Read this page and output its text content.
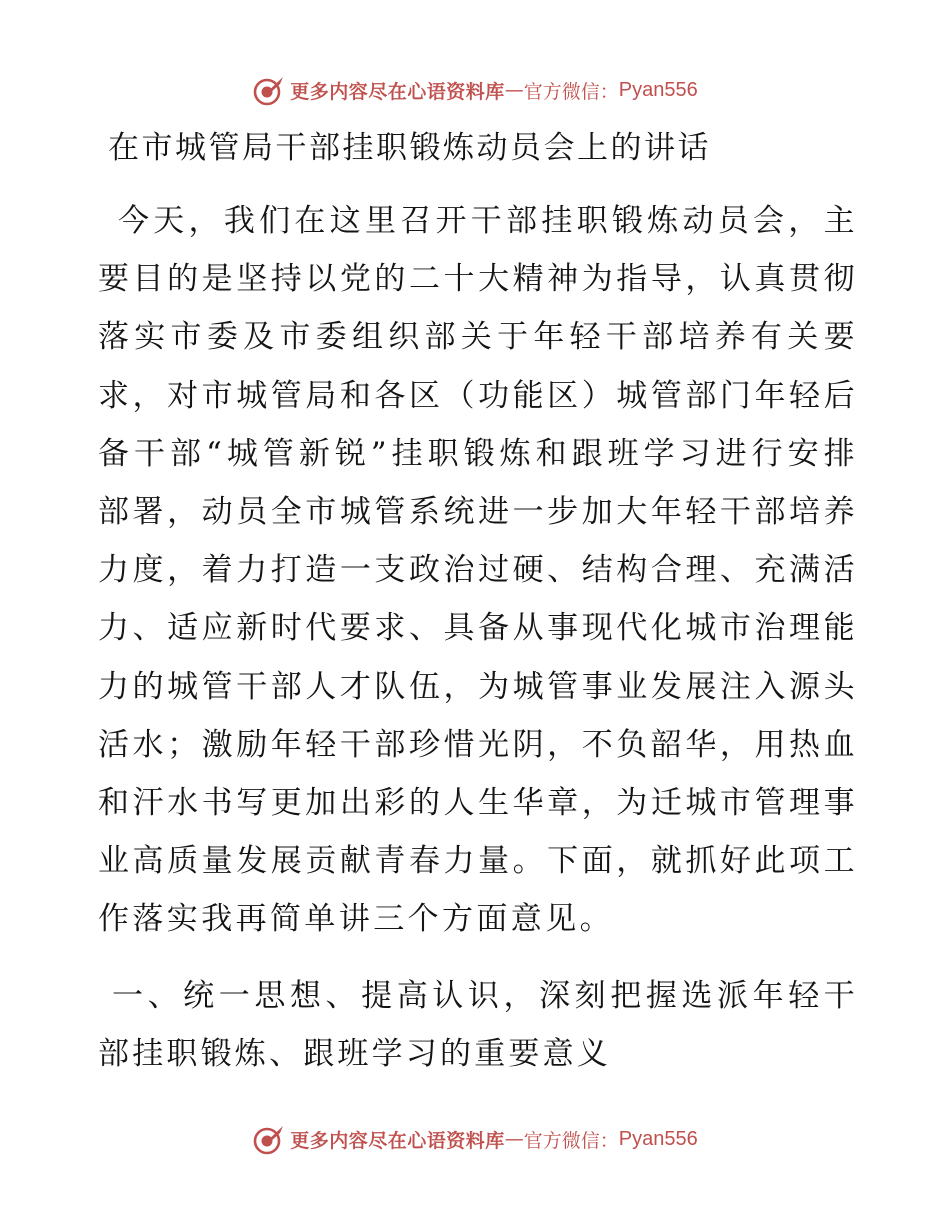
更多内容尽在心语资料库 — 官方微信： Pyan556
在市城管局干部挂职锻炼动员会上的讲话
今天，我们在这里召开干部挂职锻炼动员会，主要目的是坚持以党的二十大精神为指导，认真贯彻落实市委及市委组织部关于年轻干部培养有关要求，对市城管局和各区（功能区）城管部门年轻后备干部“城管新锐”挂职锻炼和跟班学习进行安排部署，动员全市城管系统进一步加大年轻干部培养力度，着力打造一支政治过硬、结构合理、充满活力、适应新时代要求、具备从事现代化城市治理能力的城管干部人才队伍，为城管事业发展注入源头活水；激励年轻干部珍惜光阴，不负韶华，用热血和汗水书写更加出彩的人生华章，为迁城市管理事业高质量发展贡献青春力量。下面，就抓好此项工作落实我再简单讲三个方面意见。
一、统一思想、提高认识，深刻把握选派年轻干部挂职锻炼、跟班学习的重要意义
更多内容尽在心语资料库 — 官方微信： Pyan556
